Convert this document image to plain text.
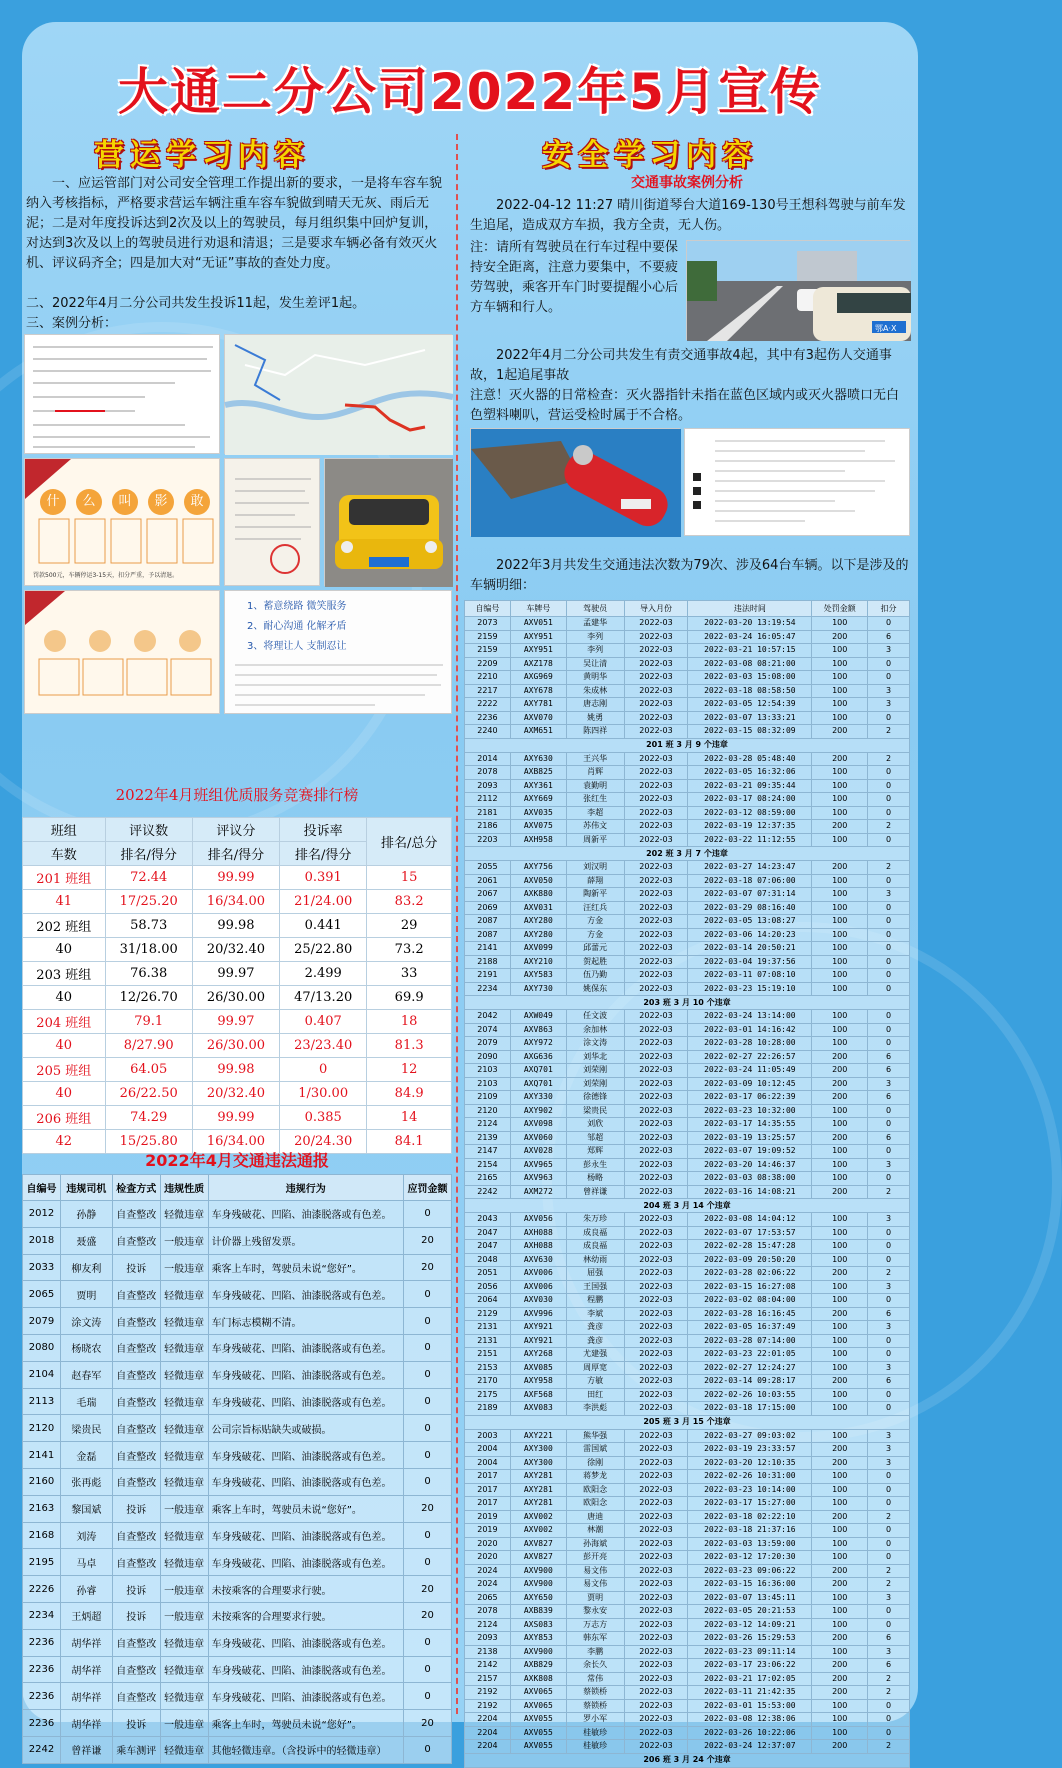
大通二分公司2022年5月宣传
营运学习内容
一、应运管部门对公司安全管理工作提出新的要求，一是将车容车貌纳入考核指标，严格要求营运车辆注重车容车貌做到晴天无灰、雨后无泥；二是对年度投诉达到2次及以上的驾驶员，每月组织集中回炉复训，对达到3次及以上的驾驶员进行劝退和清退；三是要求车辆必备有效灭火机、评议码齐全；四是加大对“无证”事故的查处力度。
二、2022年4月二分公司共发生投诉11起，发生差评1起。
三、案例分析：
什	么	叫	影	敢
罚款500元，车辆停运3-15天，扣分严重，予以清退。
1、蓄意绕路 微笑服务
2、耐心沟通 化解矛盾
3、将理让人 支制忍让
2022年4月班组优质服务竞赛排行榜
班组	评议数	评议分	投诉率	排名/总分
车数	排名/得分	排名/得分	排名/得分	
201 班组	72.44	99.99	0.391	15
41	17/25.20	16/34.00	21/24.00	83.2
202 班组	58.73	99.98	0.441	29
40	31/18.00	20/32.40	25/22.80	73.2
203 班组	76.38	99.97	2.499	33
40	12/26.70	26/30.00	47/13.20	69.9
204 班组	79.1	99.97	0.407	18
40	8/27.90	26/30.00	23/23.40	81.3
205 班组	64.05	99.98	0	12
40	26/22.50	20/32.40	1/30.00	84.9
206 班组	74.29	99.99	0.385	14
42	15/25.80	16/34.00	20/24.30	84.1
2022年4月交通违法通报
自编号	违规司机	检查方式	违规性质	违规行为	应罚金额
2012	孙静	自查整改	轻微违章	车身残破花、凹陷、油漆脱落或有色差。	0
2018	聂盛	自查整改	一般违章	计价器上残留发票。	20
2033	柳友利	投诉	一般违章	乘客上车时，驾驶员未说“您好”。	20
2065	贾明	自查整改	轻微违章	车身残破花、凹陷、油漆脱落或有色差。	0
2079	涂文涛	自查整改	轻微违章	车门标志模糊不清。	0
2080	杨晓农	自查整改	轻微违章	车身残破花、凹陷、油漆脱落或有色差。	0
2104	赵春军	自查整改	轻微违章	车身残破花、凹陷、油漆脱落或有色差。	0
2113	毛瑞	自查整改	轻微违章	车身残破花、凹陷、油漆脱落或有色差。	0
2120	梁贵民	自查整改	轻微违章	公司宗旨标贴缺失或破损。	0
2141	金磊	自查整改	轻微违章	车身残破花、凹陷、油漆脱落或有色差。	0
2160	张再彪	自查整改	轻微违章	车身残破花、凹陷、油漆脱落或有色差。	0
2163	黎国斌	投诉	一般违章	乘客上车时，驾驶员未说“您好”。	20
2168	刘涛	自查整改	轻微违章	车身残破花、凹陷、油漆脱落或有色差。	0
2195	马卓	自查整改	轻微违章	车身残破花、凹陷、油漆脱落或有色差。	0
2226	孙睿	投诉	一般违章	未按乘客的合理要求行驶。	20
2234	王炳超	投诉	一般违章	未按乘客的合理要求行驶。	20
2236	胡华祥	自查整改	轻微违章	车身残破花、凹陷、油漆脱落或有色差。	0
2236	胡华祥	自查整改	轻微违章	车身残破花、凹陷、油漆脱落或有色差。	0
2236	胡华祥	自查整改	轻微违章	车身残破花、凹陷、油漆脱落或有色差。	0
2236	胡华祥	投诉	一般违章	乘客上车时，驾驶员未说“您好”。	20
2242	曾祥谦	乘车测评	轻微违章	其他轻微违章。（含投诉中的轻微违章）	0
安全学习内容
交通事故案例分析
2022-04-12 11:27 晴川街道琴台大道169-130号王想科驾驶与前车发生追尾，造成双方车损，我方全责，无人伤。
注：请所有驾驶员在行车过程中要保持安全距离，注意力要集中，不要疲劳驾驶，乘客开车门时要提醒小心后方车辆和行人。
鄂A·X
2022年4月二分公司共发生有责交通事故4起，其中有3起伤人交通事故，1起追尾事故
注意！灭火器的日常检查：灭火器指针未指在蓝色区域内或灭火器喷口无白色塑料喇叭，营运受检时属于不合格。
2022年3月共发生交通违法次数为79次、涉及64台车辆。以下是涉及的车辆明细：
自编号	车牌号	驾驶员	导入月份	违法时间	处罚金额	扣分
2073	AXV051	孟建华	2022-03	2022-03-20 13:19:54	100	0
2159	AXY951	李列	2022-03	2022-03-24 16:05:47	200	6
2159	AXY951	李列	2022-03	2022-03-21 10:57:15	100	3
2209	AXZ178	吴让清	2022-03	2022-03-08 08:21:00	100	0
2210	AXG969	黄明华	2022-03	2022-03-03 15:08:00	100	0
2217	AXY678	朱成林	2022-03	2022-03-18 08:58:50	100	3
2222	AXY781	唐志刚	2022-03	2022-03-05 12:54:39	100	3
2236	AXV070	姚勇	2022-03	2022-03-07 13:33:21	100	0
2240	AXM651	陈四祥	2022-03	2022-03-15 08:32:09	200	2
201 班 3 月 9 个违章						
2014	AXY630	王兴华	2022-03	2022-03-28 05:48:40	200	2
2078	AXB825	肖辉	2022-03	2022-03-05 16:32:06	100	0
2093	AXY361	袁勤明	2022-03	2022-03-21 09:35:44	100	0
2112	AXY669	张红生	2022-03	2022-03-17 08:24:00	100	0
2181	AXV035	李超	2022-03	2022-03-12 08:59:00	100	0
2186	AXV075	苏伟文	2022-03	2022-03-19 12:37:35	200	2
2203	AXH958	周新平	2022-03	2022-03-22 11:12:55	100	0
202 班 3 月 7 个违章						
2055	AXY756	刘汉明	2022-03	2022-03-27 14:23:47	200	2
2061	AXV050	薛翔	2022-03	2022-03-18 07:06:00	100	0
2067	AXK880	陶新平	2022-03	2022-03-07 07:31:14	100	3
2069	AXV031	汪红兵	2022-03	2022-03-29 08:16:40	100	0
2087	AXY280	方金	2022-03	2022-03-05 13:08:27	100	0
2087	AXY280	方金	2022-03	2022-03-06 14:20:23	100	0
2141	AXV099	邱蕾元	2022-03	2022-03-14 20:50:21	100	0
2188	AXY210	贺起胜	2022-03	2022-03-04 19:37:56	100	0
2191	AXY583	伍乃勤	2022-03	2022-03-11 07:08:10	100	0
2234	AXY730	姚保东	2022-03	2022-03-23 15:19:10	100	0
203 班 3 月 10 个违章						
2042	AXW049	任文波	2022-03	2022-03-24 13:14:00	100	0
2074	AXV863	余加林	2022-03	2022-03-01 14:16:42	100	0
2079	AXY972	涂文涛	2022-03	2022-03-28 10:28:00	100	0
2090	AXG636	刘华北	2022-03	2022-02-27 22:26:57	200	6
2103	AXQ701	刘荣刚	2022-03	2022-03-24 11:05:49	200	6
2103	AXQ701	刘荣刚	2022-03	2022-03-09 10:12:45	200	3
2109	AXY330	徐德锋	2022-03	2022-03-17 06:22:39	200	6
2120	AXY902	梁贵民	2022-03	2022-03-23 10:32:00	100	0
2124	AXV098	刘欣	2022-03	2022-03-17 14:35:55	100	0
2139	AXV060	邹超	2022-03	2022-03-19 13:25:57	200	6
2147	AXV028	郑辉	2022-03	2022-03-07 19:09:52	100	0
2154	AXV965	彭永生	2022-03	2022-03-20 14:46:37	100	3
2165	AXV963	杨略	2022-03	2022-03-03 08:38:00	100	0
2242	AXM272	曾祥谦	2022-03	2022-03-16 14:08:21	200	2
204 班 3 月 14 个违章						
2043	AXV056	朱万珍	2022-03	2022-03-08 14:04:12	100	3
2047	AXH088	成良福	2022-03	2022-03-07 17:53:57	100	0
2047	AXH088	成良福	2022-03	2022-02-28 15:47:28	100	0
2048	AXV630	林幼雨	2022-03	2022-03-09 20:50:20	100	0
2051	AXV006	屈强	2022-03	2022-03-28 02:06:22	200	2
2056	AXV006	王国强	2022-03	2022-03-15 16:27:08	100	3
2064	AXV030	程鹏	2022-03	2022-03-02 08:04:00	100	0
2129	AXV996	李斌	2022-03	2022-03-28 16:16:45	200	6
2131	AXY921	龚彦	2022-03	2022-03-05 16:37:49	100	3
2131	AXY921	龚彦	2022-03	2022-03-28 07:14:00	100	0
2151	AXY268	尤建强	2022-03	2022-03-23 22:01:05	100	0
2153	AXV085	周厚宽	2022-03	2022-02-27 12:24:27	100	3
2170	AXY958	方敏	2022-03	2022-03-14 09:28:17	200	6
2175	AXF568	田红	2022-03	2022-02-26 10:03:55	100	0
2189	AXV083	李洪彪	2022-03	2022-03-18 17:15:00	100	0
205 班 3 月 15 个违章						
2003	AXY221	熊华强	2022-03	2022-03-27 09:03:02	100	3
2004	AXY300	雷国斌	2022-03	2022-03-19 23:33:57	200	3
2004	AXY300	徐刚	2022-03	2022-03-20 12:10:35	200	3
2017	AXY281	蒋梦龙	2022-03	2022-02-26 10:31:00	100	0
2017	AXY281	欧阳念	2022-03	2022-03-23 10:14:00	100	0
2017	AXY281	欧阳念	2022-03	2022-03-17 15:27:00	100	0
2019	AXV002	唐迪	2022-03	2022-03-18 02:22:10	200	2
2019	AXV002	林潮	2022-03	2022-03-18 21:37:16	100	0
2020	AXV827	孙海斌	2022-03	2022-03-03 13:59:00	100	0
2020	AXV827	彭开亮	2022-03	2022-03-12 17:20:30	100	0
2024	AXV900	易文伟	2022-03	2022-03-23 09:06:22	200	2
2024	AXV900	易文伟	2022-03	2022-03-15 16:36:00	200	2
2065	AXY650	贾明	2022-03	2022-03-07 13:45:11	100	3
2078	AXB839	黎永安	2022-03	2022-03-05 20:21:53	100	0
2124	AXS083	万志方	2022-03	2022-03-12 14:09:21	100	0
2093	AXY853	韩东军	2022-03	2022-03-26 15:29:53	200	6
2138	AXV900	李鹏	2022-03	2022-03-23 09:11:14	100	3
2142	AXB829	余长久	2022-03	2022-03-17 23:06:22	200	6
2157	AXK808	常伟	2022-03	2022-03-21 17:02:05	200	2
2192	AXV065	蔡锁桥	2022-03	2022-03-11 21:42:35	200	2
2192	AXV065	蔡锁桥	2022-03	2022-03-01 15:53:00	100	0
2204	AXV055	罗小军	2022-03	2022-03-08 12:38:06	100	0
2204	AXV055	桂敏珍	2022-03	2022-03-26 10:22:06	100	0
2204	AXV055	桂敏珍	2022-03	2022-03-24 12:37:07	200	2
206 班 3 月 24 个违章						
